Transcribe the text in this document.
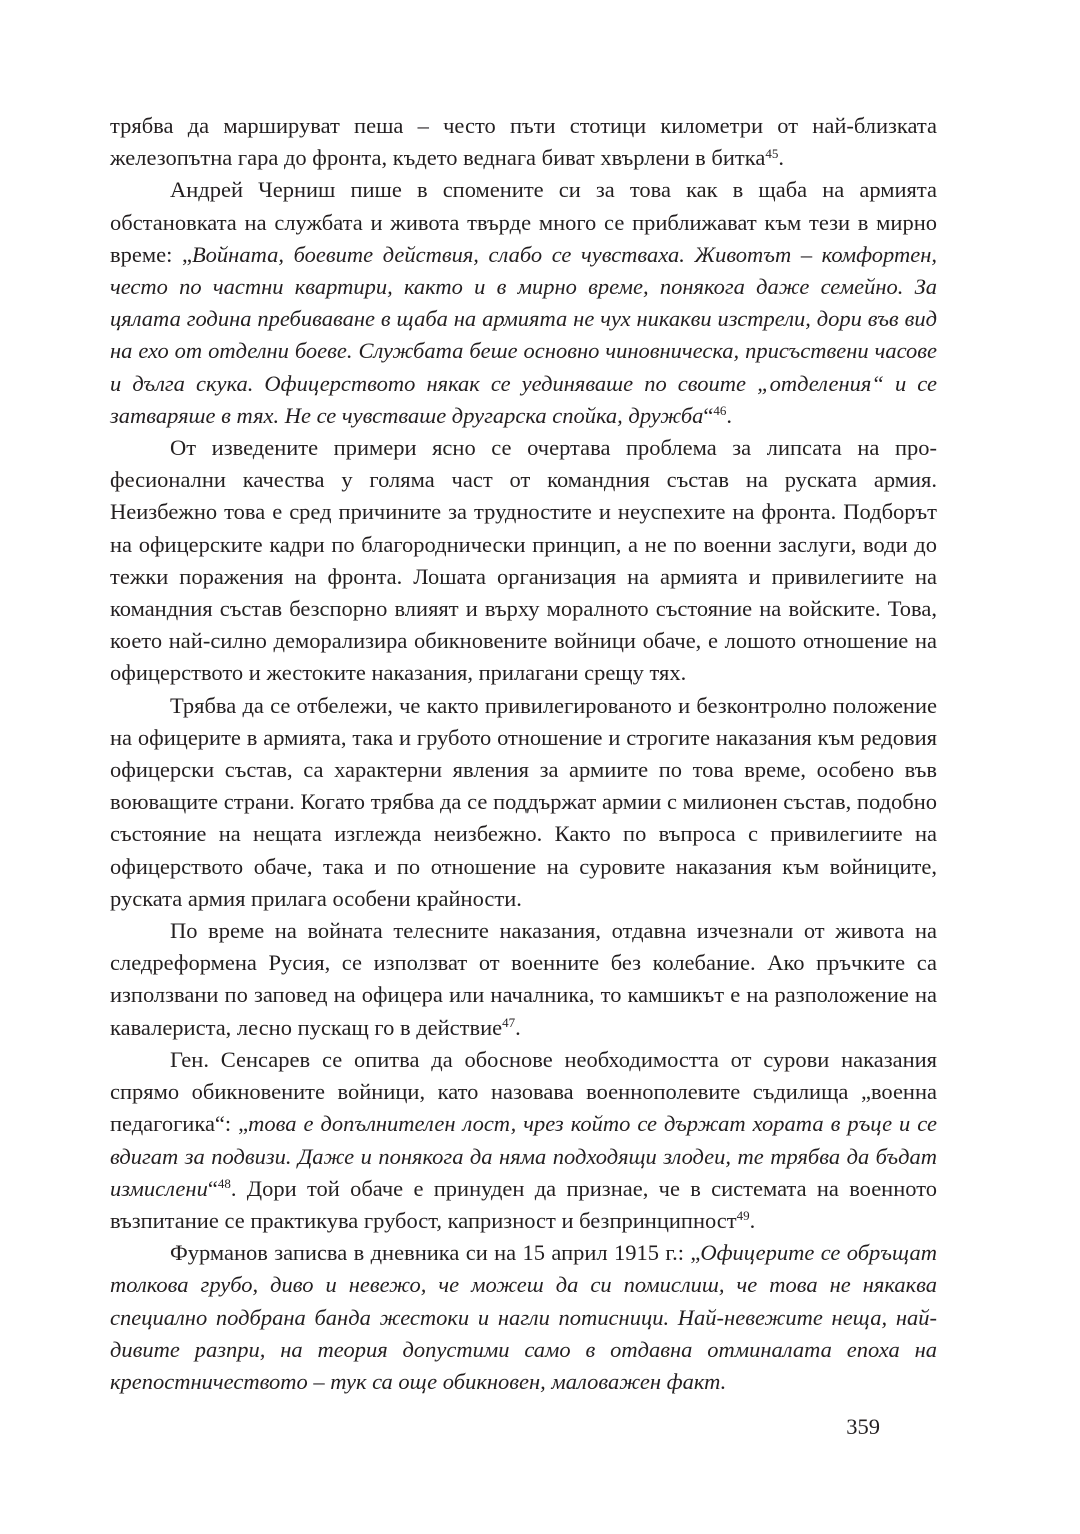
трябва да маршируват пеша – често пъти стотици километри от най-близката железопътна гара до фронта, където веднага биват хвърлени в битка$^{45}$.

Андрей Черниш пише в спомените си за това как в щаба на армията обстановката на службата и живота твърде много се приближават към тези в мирно време: „Войната, боевите действия, слабо се чувстваха. Животът – комфортен, често по частни квартири, както и в мирно време, понякога даже семейно. За цялата година пребиваване в щаба на армията не чух никакви изстрели, дори във вид на ехо от отделни боеве. Службата беше основно чиновническа, присъствени часове и дълга скука. Офицерството някак се уединяваше по своите „отделения“ и се затваряше в тях. Не се чувстваше другарска спойка, дружба“$^{46}$.

От изведените примери ясно се очертава проблема за липсата на професионални качества у голяма част от командния състав на руската армия. Неизбежно това е сред причините за трудностите и неуспехите на фронта. Подборът на офицерските кадри по благороднически принцип, а не по военни заслуги, води до тежки поражения на фронта. Лошата организация на армията и привилегиите на командния състав безспорно влияят и върху моралното състояние на войските. Това, което най-силно деморализира обикновените войници обаче, е лошото отношение на офицерството и жестоките наказания, прилагани срещу тях.

Трябва да се отбележи, че както привилегированото и безконтролно положение на офицерите в армията, така и грубото отношение и строгите наказания към редовия офицерски състав, са характерни явления за армиите по това време, особено във воюващите страни. Когато трябва да се поддържат армии с милионен състав, подобно състояние на нещата изглежда неизбежно. Както по въпроса с привилегиите на офицерството обаче, така и по отношение на суровите наказания към войниците, руската армия прилага особени крайности.

По време на войната телесните наказания, отдавна изчезнали от живота на следреформена Русия, се използват от военните без колебание. Ако пръчките са използвани по заповед на офицера или началника, то камшикът е на разположение на кавалериста, лесно пускащ го в действие$^{47}$.

Ген. Сенсарев се опитва да обоснове необходимостта от сурови наказания спрямо обикновените войници, като назовава военнополевите съдилища „военна педагогика“: „това е допълнителен лост, чрез който се държат хората в ръце и се вдигат за подвизи. Даже и понякога да няма подходящи злодеи, те трябва да бъдат измислени“$^{48}$. Дори той обаче е принуден да признае, че в системата на военното възпитание се практикува грубост, капризност и безпринципност$^{49}$.

Фурманов записва в дневника си на 15 април 1915 г.: „Офицерите се обръщат толкова грубо, диво и невежо, че можеш да си помислиш, че това не някаква специално подбрана банда жестоки и нагли потисници. Най-невежите неща, най-дивите разпри, на теория допустими само в отдавна отминалата епоха на крепостничеството – тук са още обикновен, маловажен факт.

359
